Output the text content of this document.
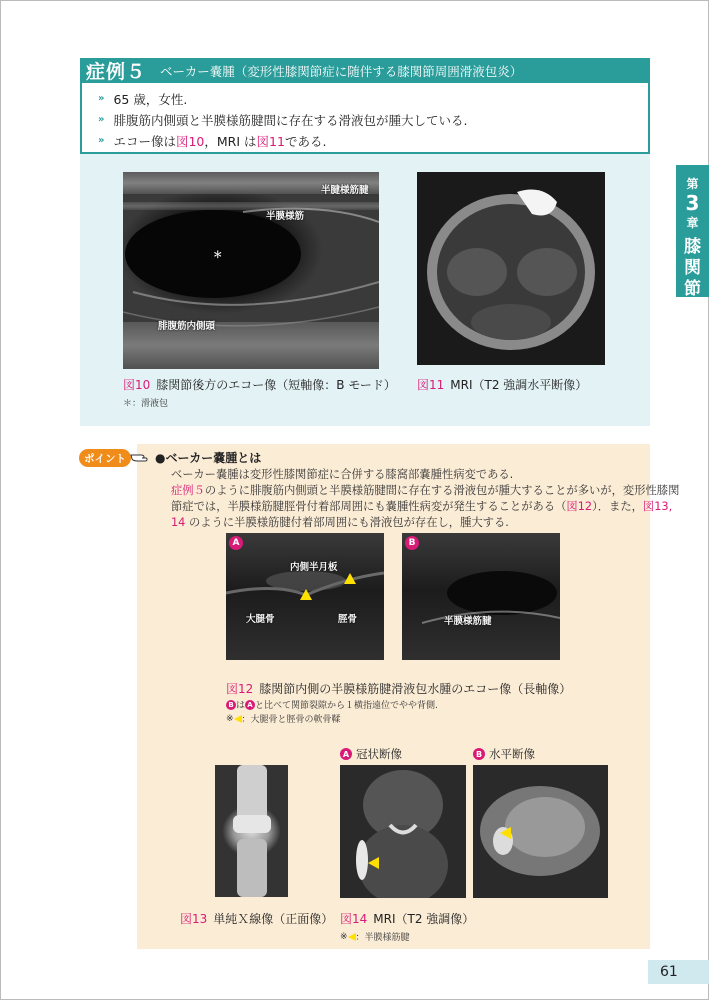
症例５ ベーカー嚢腫（変形性膝関節症に随伴する膝関節周囲滑液包炎）
» 65 歳，女性.
» 腓腹筋内側頭と半膜様筋腱間に存在する滑液包が腫大している.
» エコー像は 図10 ，MRI は 図11 である.
半腱様筋腱
半膜様筋
＊
腓腹筋内側頭
図10 膝関節後方のエコー像（短軸像：B モード）
＊：滑液包
図11 MRI（T2 強調水平断像）
第
3
章
膝
関
節
ポイント	●ベーカー嚢腫とは
ベーカー嚢腫は変形性膝関節症に合併する膝窩部嚢腫性病変である.
症例５のように腓腹筋内側頭と半膜様筋腱間に存在する滑液包が腫大することが多いが，変形性膝関
節症では，半膜様筋腱脛骨付着部周囲にも嚢腫性病変が発生することがある（図12）．また，図13,
14 のように半膜様筋腱付着部周囲にも滑液包が存在し，腫大する.
A
内側半月板
大腿骨	脛骨
B
半膜様筋腱
図12 膝関節内側の半膜様筋腱滑液包水腫のエコー像（長軸像）
B は A と比べて関節裂隙から１横指遠位でやや背側.
※ ：大腿骨と脛骨の軟骨鞣
A 冠状断像	B 水平断像
図13 単純Ｘ線像（正面像） 図14 MRI（T2 強調像）
※ ：半膜様筋腱
61
